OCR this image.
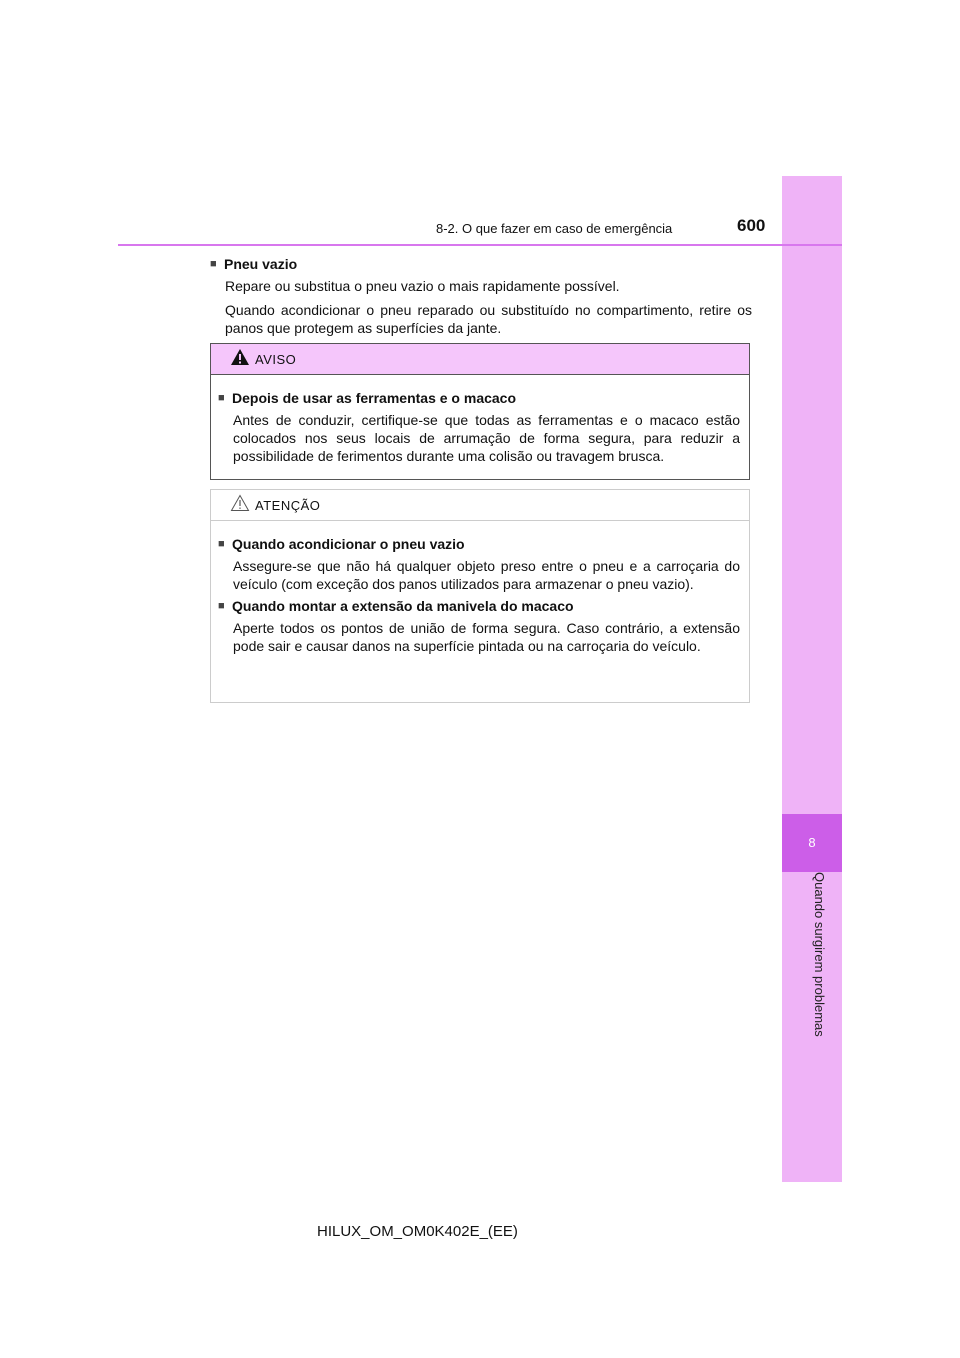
8
Quando surgirem problemas
8-2. O que fazer em caso de emergência	600

■ Pneu vazio

Repare ou substitua o pneu vazio o mais rapidamente possível.

Quando acondicionar o pneu reparado ou substituído no compartimento, retire os panos que protegem as superfícies da jante.

AVISO

■ Depois de usar as ferramentas e o macaco

Antes de conduzir, certifique-se que todas as ferramentas e o macaco estão colocados nos seus locais de arrumação de forma segura, para reduzir a possibilidade de ferimentos durante uma colisão ou travagem brusca.

ATENÇÃO

■ Quando acondicionar o pneu vazio

Assegure-se que não há qualquer objeto preso entre o pneu e a carroçaria do veículo (com exceção dos panos utilizados para armazenar o pneu vazio).

■ Quando montar a extensão da manivela do macaco

Aperte todos os pontos de união de forma segura. Caso contrário, a extensão pode sair e causar danos na superfície pintada ou na carroçaria do veículo.

HILUX_OM_OM0K402E_(EE)
